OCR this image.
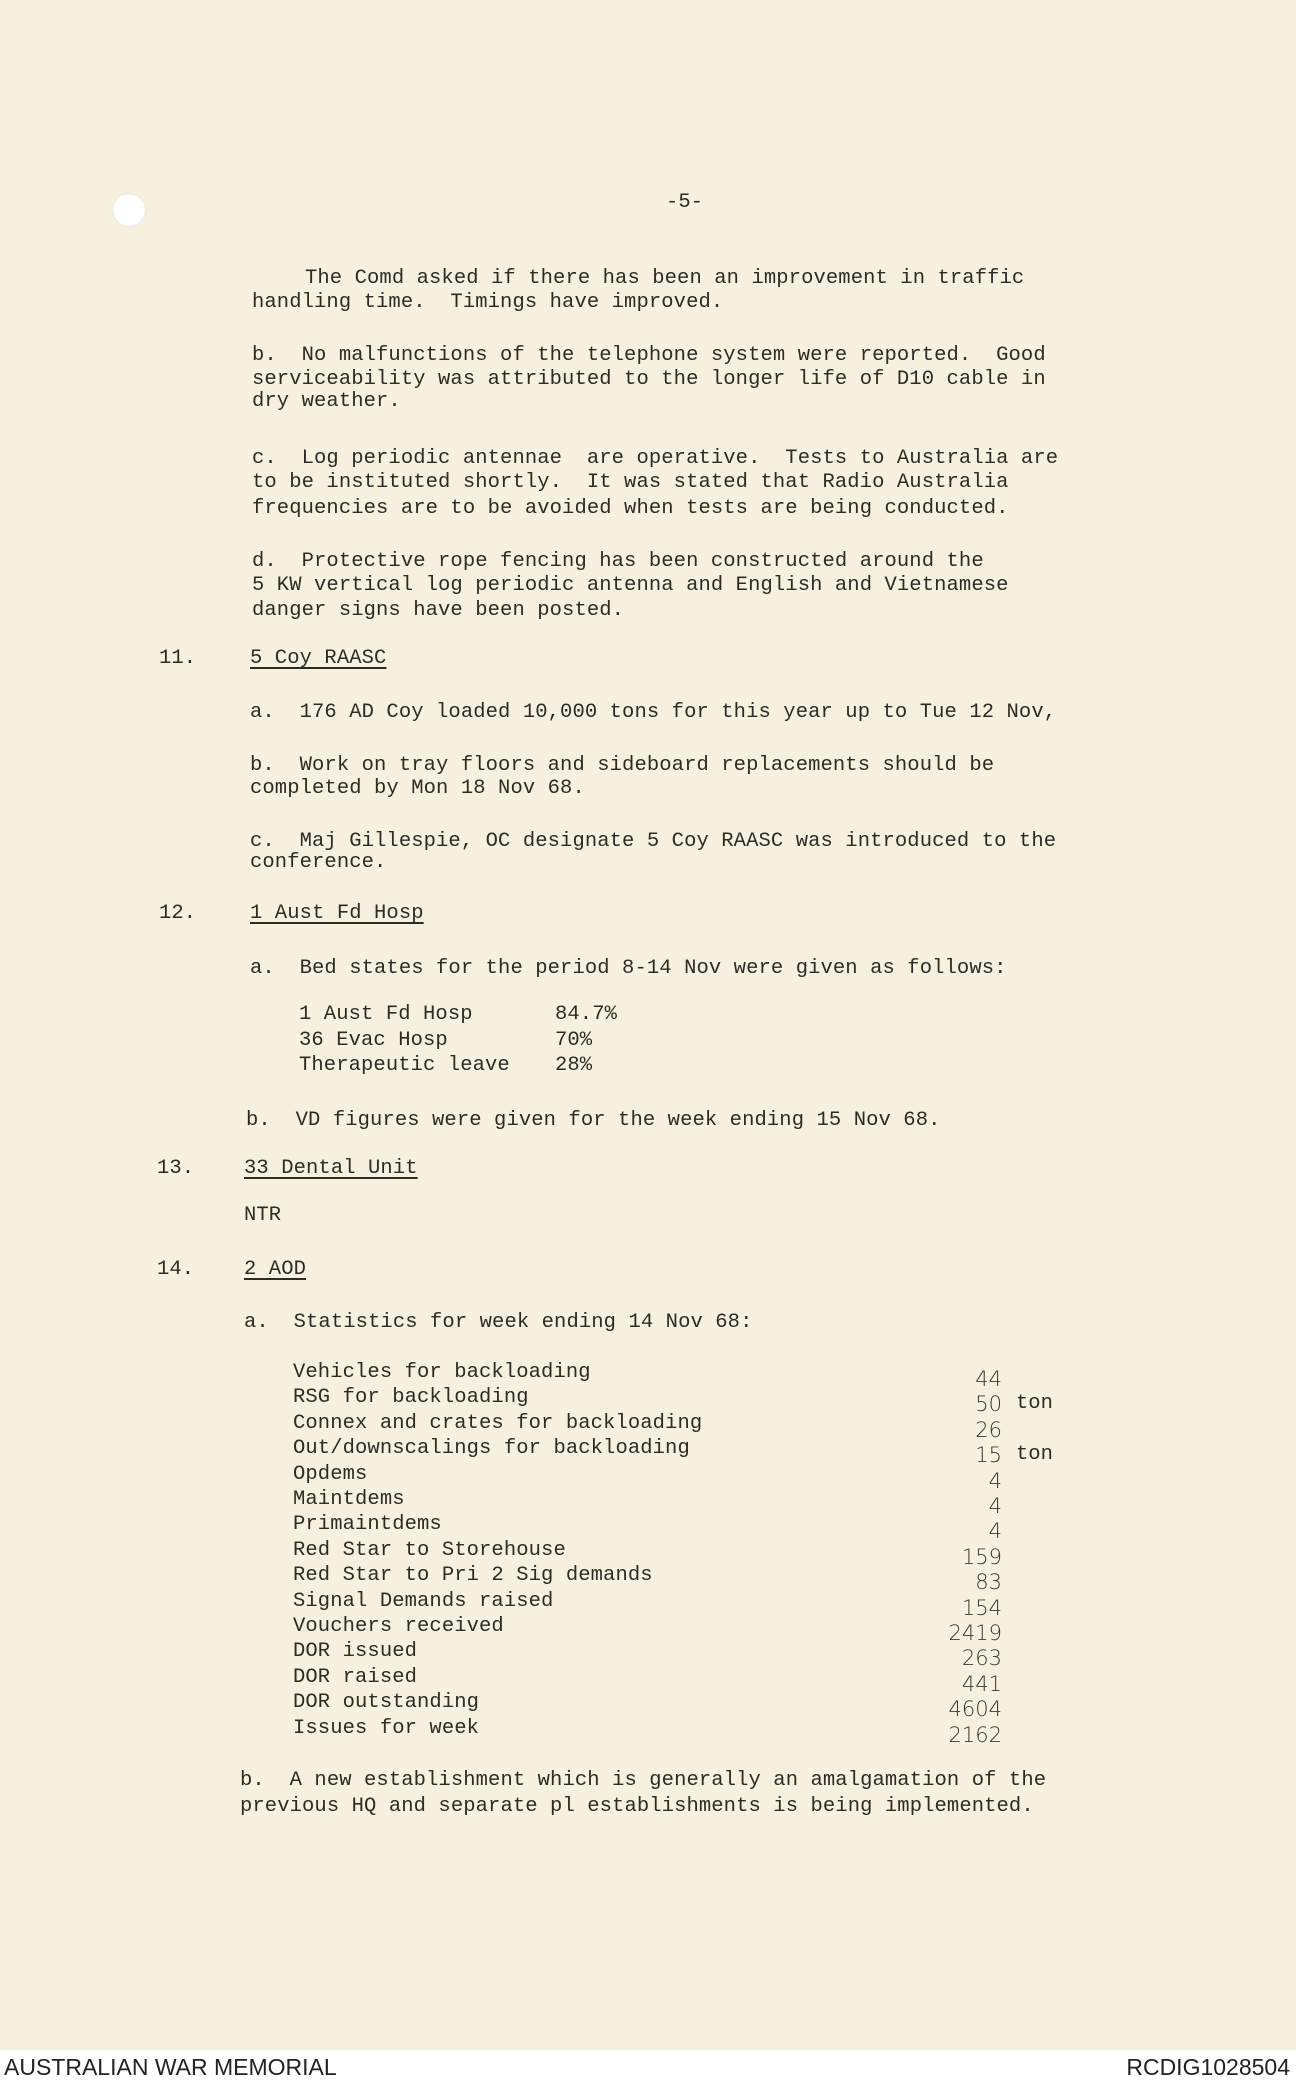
-5-
The Comd asked if there has been an improvement in traffic
handling time.  Timings have improved.
b.  No malfunctions of the telephone system were reported.  Good
serviceability was attributed to the longer life of D10 cable in
dry weather.
c.  Log periodic antennae  are operative.  Tests to Australia are
to be instituted shortly.  It was stated that Radio Australia
frequencies are to be avoided when tests are being conducted.
d.  Protective rope fencing has been constructed around the
5 KW vertical log periodic antenna and English and Vietnamese
danger signs have been posted.
11.	5 Coy RAASC
a.  176 AD Coy loaded 10,000 tons for this year up to Tue 12 Nov,
b.  Work on tray floors and sideboard replacements should be
completed by Mon 18 Nov 68.
c.  Maj Gillespie, OC designate 5 Coy RAASC was introduced to the
conference.
12.	1 Aust Fd Hosp
a.  Bed states for the period 8-14 Nov were given as follows:
1 Aust Fd Hosp	84.7%
36 Evac Hosp	70%
Therapeutic leave 28%
b.  VD figures were given for the week ending 15 Nov 68.
13. 33 Dental Unit
NTR
14. 2 AOD
a.  Statistics for week ending 14 Nov 68:
Vehicles for backloading	44
RSG for backloading	50 ton
Connex and crates for backloading	26
Out/downscalings for backloading	15 ton
Opdems	4
Maintdems	4
Primaintdems	4
Red Star to Storehouse	159
Red Star to Pri 2 Sig demands	83
Signal Demands raised	154
Vouchers received	2419
DOR issued	263
DOR raised	441
DOR outstanding	4604
Issues for week	2162
b.  A new establishment which is generally an amalgamation of the
previous HQ and separate pl establishments is being implemented.
AUSTRALIAN WAR MEMORIAL	RCDIG1028504
